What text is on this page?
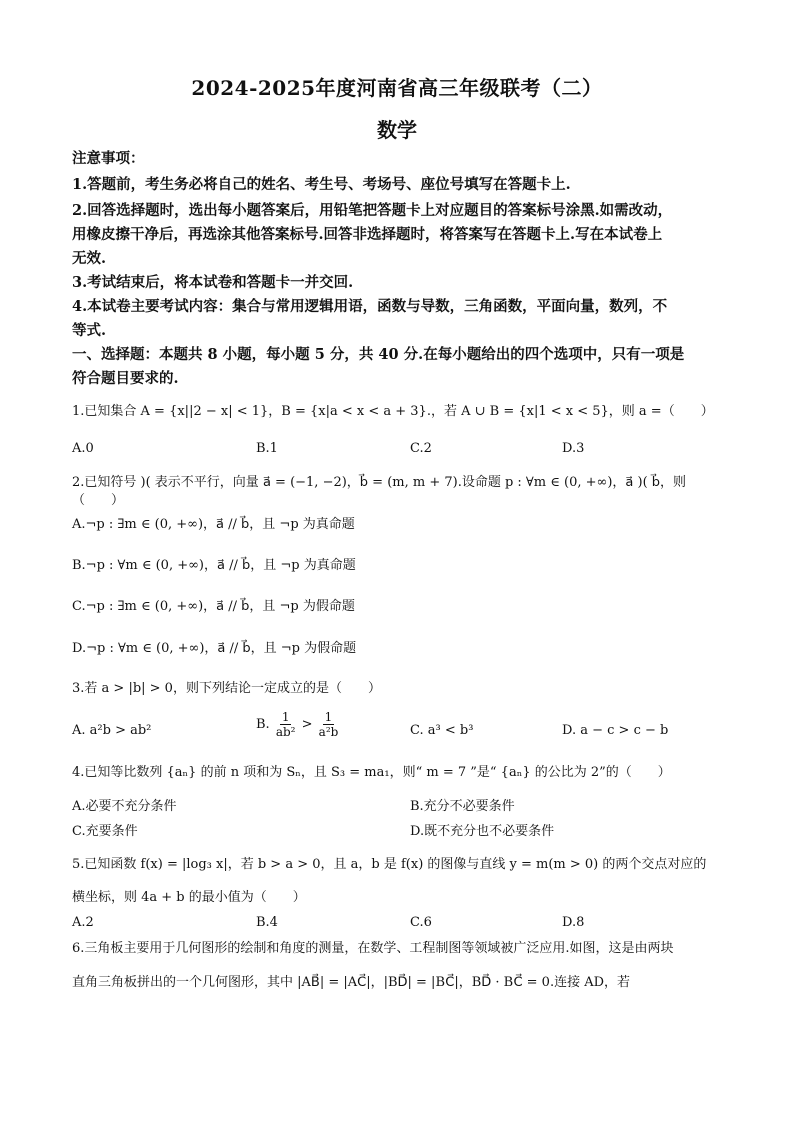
2024-2025年度河南省高三年级联考（二）
数学
注意事项：
1.答题前，考生务必将自己的姓名、考生号、考场号、座位号填写在答题卡上.
2.回答选择题时，选出每小题答案后，用铅笔把答题卡上对应题目的答案标号涂黑.如需改动，
用橡皮擦干净后，再选涂其他答案标号.回答非选择题时，将答案写在答题卡上.写在本试卷上
无效.
3.考试结束后，将本试卷和答题卡一并交回.
4.本试卷主要考试内容：集合与常用逻辑用语，函数与导数，三角函数，平面向量，数列，不
等式.
一、选择题：本题共 8 小题，每小题 5 分，共 40 分.在每小题给出的四个选项中，只有一项是
符合题目要求的.
1.已知集合 A = {x||2 − x| < 1}，B = {x|a < x < a + 3}.，若 A ∪ B = {x|1 < x < 5}，则 a =（　　）
A.0	B.1	C.2	D.3
2.已知符号 )( 表示不平行，向量 a⃗ = (−1, −2)，b⃗ = (m, m + 7).设命题 p : ∀m ∈ (0, +∞)，a⃗ )( b⃗，则（　　）
A.¬p : ∃m ∈ (0, +∞)，a⃗ // b⃗，且 ¬p 为真命题
B.¬p : ∀m ∈ (0, +∞)，a⃗ // b⃗，且 ¬p 为真命题
C.¬p : ∃m ∈ (0, +∞)，a⃗ // b⃗，且 ¬p 为假命题
D.¬p : ∀m ∈ (0, +∞)，a⃗ // b⃗，且 ¬p 为假命题
3.若 a > |b| > 0，则下列结论一定成立的是（　　）
A. a²b > ab²	B. $\frac{1}{\text{ab²}} > \frac{1}{\text{a²b}}$	C. a³ < b³	D. a − c > c − b
4.已知等比数列 {aₙ} 的前 n 项和为 Sₙ，且 S₃ = ma₁，则“ m = 7 ”是“ {aₙ} 的公比为 2”的（　　）
A.必要不充分条件	B.充分不必要条件
C.充要条件	D.既不充分也不必要条件
5.已知函数 f(x) = |log₃ x|，若 b > a > 0，且 a，b 是 f(x) 的图像与直线 y = m(m > 0) 的两个交点对应的
横坐标，则 4a + b 的最小值为（　　）
A.2	B.4	C.6	D.8
6.三角板主要用于几何图形的绘制和角度的测量，在数学、工程制图等领域被广泛应用.如图，这是由两块
直角三角板拼出的一个几何图形，其中 |AB⃗| = |AC⃗|，|BD⃗| = |BC⃗|，BD⃗ · BC⃗ = 0.连接 AD，若
